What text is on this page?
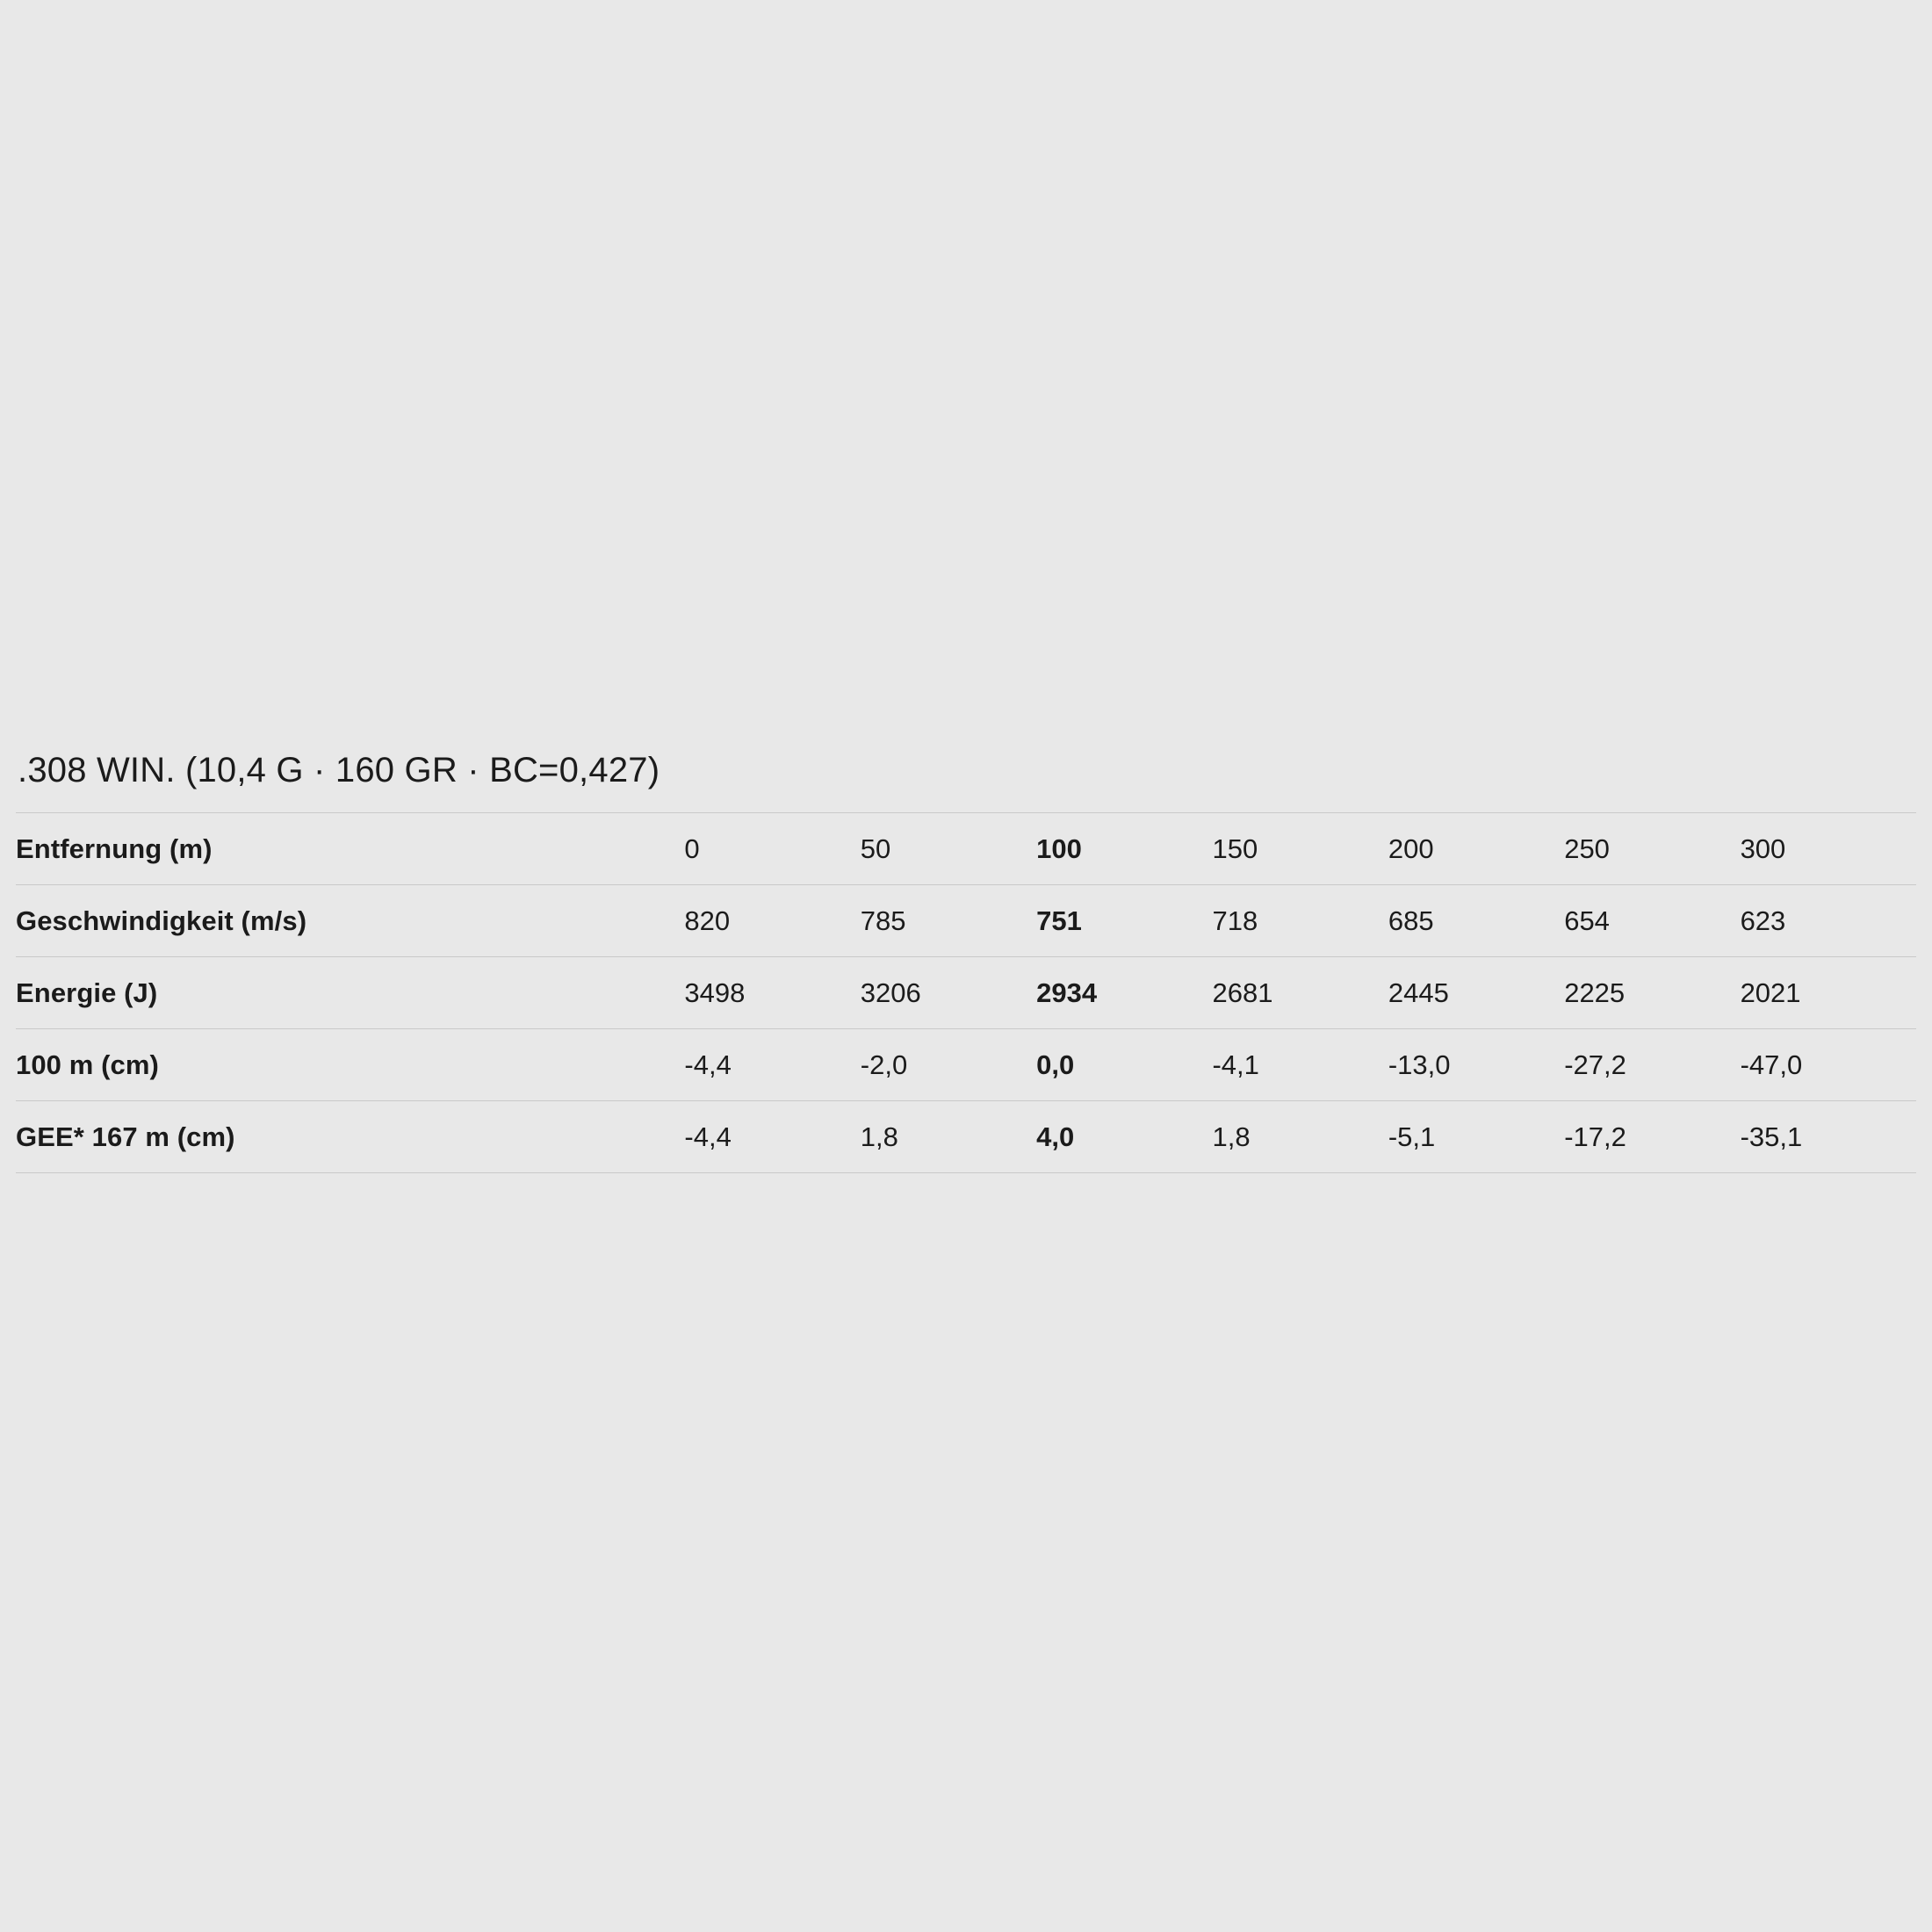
.308 WIN. (10,4 G · 160 GR · BC=0,427)
Entfernung (m)	0	50	100	150	200	250	300
Geschwindigkeit (m/s)	820	785	751	718	685	654	623
Energie (J)	3498	3206	2934	2681	2445	2225	2021
100 m (cm)	-4,4	-2,0	0,0	-4,1	-13,0	-27,2	-47,0
GEE* 167 m (cm)	-4,4	1,8	4,0	1,8	-5,1	-17,2	-35,1
